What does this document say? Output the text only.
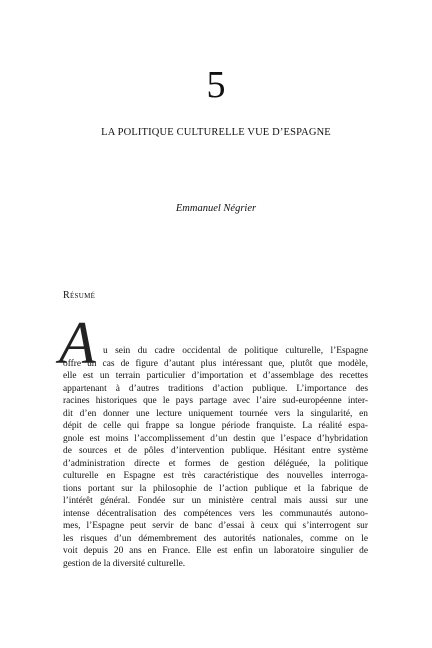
5
LA POLITIQUE CULTURELLE VUE D’ESPAGNE
Emmanuel Négrier
Résumé
A u sein du cadre occidental de politique culturelle, l’Espagne
offre un cas de figure d’autant plus intéressant que, plutôt que modèle,
elle est un terrain particulier d’importation et d’assemblage des recettes
appartenant à d’autres traditions d’action publique. L’importance des
racines historiques que le pays partage avec l’aire sud-européenne inter-
dit d’en donner une lecture uniquement tournée vers la singularité, en
dépit de celle qui frappe sa longue période franquiste. La réalité espa-
gnole est moins l’accomplissement d’un destin que l’espace d’hybridation
de sources et de pôles d’intervention publique. Hésitant entre système
d’administration directe et formes de gestion déléguée, la politique
culturelle en Espagne est très caractéristique des nouvelles interroga-
tions portant sur la philosophie de l’action publique et la fabrique de
l’intérêt général. Fondée sur un ministère central mais aussi sur une
intense décentralisation des compétences vers les communautés autono-
mes, l’Espagne peut servir de banc d’essai à ceux qui s’interrogent sur
les risques d’un démembrement des autorités nationales, comme on le
voit depuis 20 ans en France. Elle est enfin un laboratoire singulier de
gestion de la diversité culturelle.
